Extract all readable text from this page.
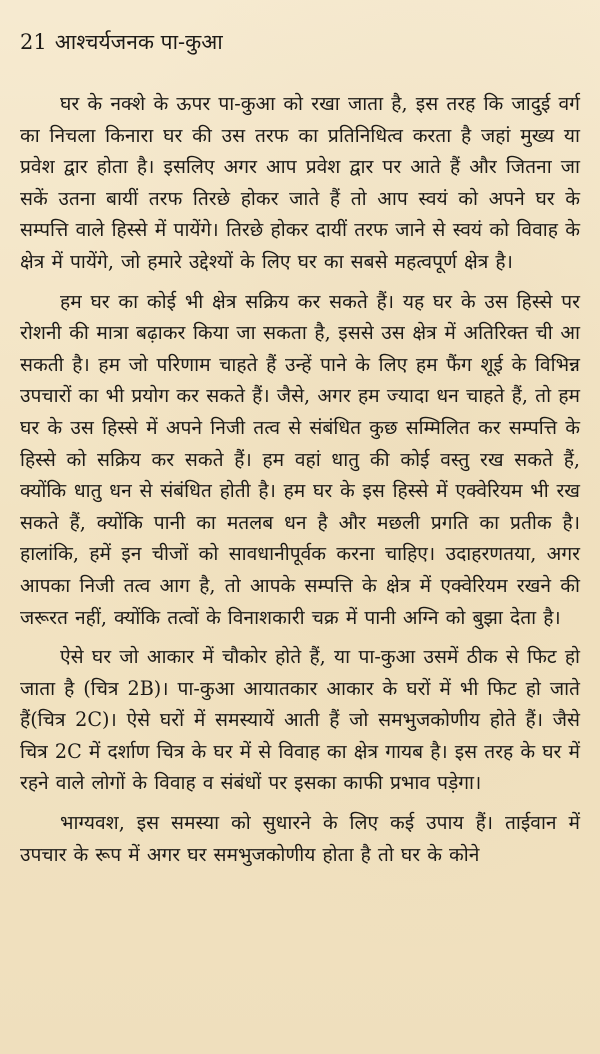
21 आश्चर्यजनक पा-कुआ

घर के नक्शे के ऊपर पा-कुआ को रखा जाता है, इस तरह कि जादुई वर्ग का निचला किनारा घर की उस तरफ का प्रतिनिधित्व करता है जहां मुख्य या प्रवेश द्वार होता है। इसलिए अगर आप प्रवेश द्वार पर आते हैं और जितना जा सकें उतना बायीं तरफ तिरछे होकर जाते हैं तो आप स्वयं को अपने घर के सम्पत्ति वाले हिस्से में पायेंगे। तिरछे होकर दायीं तरफ जाने से स्वयं को विवाह के क्षेत्र में पायेंगे, जो हमारे उद्देश्यों के लिए घर का सबसे महत्वपूर्ण क्षेत्र है।

हम घर का कोई भी क्षेत्र सक्रिय कर सकते हैं। यह घर के उस हिस्से पर रोशनी की मात्रा बढ़ाकर किया जा सकता है, इससे उस क्षेत्र में अतिरिक्त ची आ सकती है। हम जो परिणाम चाहते हैं उन्हें पाने के लिए हम फैंग शूई के विभिन्न उपचारों का भी प्रयोग कर सकते हैं। जैसे, अगर हम ज्यादा धन चाहते हैं, तो हम घर के उस हिस्से में अपने निजी तत्व से संबंधित कुछ सम्मिलित कर सम्पत्ति के हिस्से को सक्रिय कर सकते हैं। हम वहां धातु की कोई वस्तु रख सकते हैं, क्योंकि धातु धन से संबंधित होती है। हम घर के इस हिस्से में एक्वेरियम भी रख सकते हैं, क्योंकि पानी का मतलब धन है और मछली प्रगति का प्रतीक है। हालांकि, हमें इन चीजों को सावधानीपूर्वक करना चाहिए। उदाहरणतया, अगर आपका निजी तत्व आग है, तो आपके सम्पत्ति के क्षेत्र में एक्वेरियम रखने की जरूरत नहीं, क्योंकि तत्वों के विनाशकारी चक्र में पानी अग्नि को बुझा देता है।

ऐसे घर जो आकार में चौकोर होते हैं, या पा-कुआ उसमें ठीक से फिट हो जाता है (चित्र 2B)। पा-कुआ आयातकार आकार के घरों में भी फिट हो जाते हैं(चित्र 2C)। ऐसे घरों में समस्यायें आती हैं जो समभुजकोणीय होते हैं। जैसे चित्र 2C में दर्शाण चित्र के घर में से विवाह का क्षेत्र गायब है। इस तरह के घर में रहने वाले लोगों के विवाह व संबंधों पर इसका काफी प्रभाव पड़ेगा।

भाग्यवश, इस समस्या को सुधारने के लिए कई उपाय हैं। ताईवान में उपचार के रूप में अगर घर समभुजकोणीय होता है तो घर के कोने
